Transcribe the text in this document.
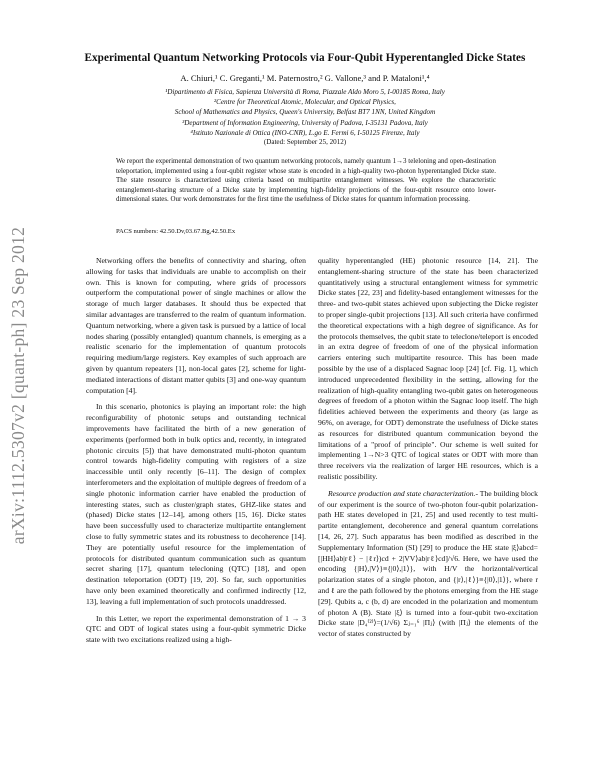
arXiv:1112.5307v2 [quant-ph] 23 Sep 2012
Experimental Quantum Networking Protocols via Four-Qubit Hyperentangled Dicke States
A. Chiuri,¹ C. Greganti,¹ M. Paternostro,² G. Vallone,³ and P. Mataloni¹,⁴
¹Dipartimento di Fisica, Sapienza Università di Roma, Piazzale Aldo Moro 5, I-00185 Roma, Italy
²Centre for Theoretical Atomic, Molecular, and Optical Physics,
School of Mathematics and Physics, Queen's University, Belfast BT7 1NN, United Kingdom
³Department of Information Engineering, University of Padova, I-35131 Padova, Italy
⁴Istituto Nazionale di Ottica (INO-CNR), L.go E. Fermi 6, I-50125 Firenze, Italy
(Dated: September 25, 2012)

We report the experimental demonstration of two quantum networking protocols, namely quantum 1→3 teleloning and open-destination teleportation, implemented using a four-qubit register whose state is encoded in a high-quality two-photon hyperentangled Dicke state. The state resource is characterized using criteria based on multipartite entanglement witnesses. We explore the characteristic entanglement-sharing structure of a Dicke state by implementing high-fidelity projections of the four-qubit resource onto lower-dimensional states. Our work demonstrates for the first time the usefulness of Dicke states for quantum information processing.

PACS numbers: 42.50.Dv,03.67.Bg,42.50.Ex

Networking offers the benefits of connectivity and sharing, often allowing for tasks that individuals are unable to accomplish on their own. This is known for computing, where grids of processors outperform the computational power of single machines or allow the storage of much larger databases. It should thus be expected that similar advantages are transferred to the realm of quantum information. Quantum networking, where a given task is pursued by a lattice of local nodes sharing (possibly entangled) quantum channels, is emerging as a realistic scenario for the implementation of quantum protocols requiring medium/large registers. Key examples of such approach are given by quantum repeaters [1], non-local gates [2], scheme for light-mediated interactions of distant matter qubits [3] and one-way quantum computation [4].

In this scenario, photonics is playing an important role: the high reconfigurability of photonic setups and outstanding technical improvements have facilitated the birth of a new generation of experiments (performed both in bulk optics and, recently, in integrated photonic circuits [5]) that have demonstrated multi-photon quantum control towards high-fidelity computing with registers of a size inaccessible until only recently [6–11]. The design of complex interferometers and the exploitation of multiple degrees of freedom of a single photonic information carrier have enabled the production of interesting states, such as cluster/graph states, GHZ-like states and (phased) Dicke states [12–14], among others [15, 16]. Dicke states have been successfully used to characterize multipartite entanglement close to fully symmetric states and its robustness to decoherence [14]. They are potentially useful resource for the implementation of protocols for distributed quantum communication such as quantum secret sharing [17], quantum telecloning (QTC) [18], and open destination teleportation (ODT) [19, 20]. So far, such opportunities have only been examined theoretically and confirmed indirectly [12, 13], leaving a full implementation of such protocols unaddressed.

In this Letter, we report the experimental demonstration of 1 → 3 QTC and ODT of logical states using a four-qubit symmetric Dicke state with two excitations realized using a high-

quality hyperentangled (HE) photonic resource [14, 21]. The entanglement-sharing structure of the state has been characterized quantitatively using a structural entanglement witness for symmetric Dicke states [22, 23] and fidelity-based entanglement witnesses for the three- and two-qubit states achieved upon subjecting the Dicke register to proper single-qubit projections [13]. All such criteria have confirmed the theoretical expectations with a high degree of significance. As for the protocols themselves, the qubit state to teleclone/teleport is encoded in an extra degree of freedom of one of the physical information carriers entering such multipartite resource. This has been made possible by the use of a displaced Sagnac loop [24] [cf. Fig. 1], which introduced unprecedented flexibility in the setting, allowing for the realization of high-quality entangling two-qubit gates on heterogeneous degrees of freedom of a photon within the Sagnac loop itself. The high fidelities achieved between the experiments and theory (as large as 96%, on average, for ODT) demonstrate the usefulness of Dicke states as resources for distributed quantum communication beyond the limitations of a "proof of principle". Our scheme is well suited for implementing 1→N>3 QTC of logical states or ODT with more than three receivers via the realization of larger HE resources, which is a realistic possibility.

Resource production and state characterization.- The building block of our experiment is the source of two-photon four-qubit polarization-path HE states developed in [21, 25] and used recently to test multi-partite entanglement, decoherence and general quantum correlations [14, 26, 27]. Such apparatus has been modified as described in the Supplementary Information (SI) [29] to produce the HE state |ξ⟩abcd=[|HH⟩ab|rℓ⟩ − |ℓr⟩)cd + 2|VV⟩ab|rℓ⟩cd]/√6. Here, we have used the encoding {|H⟩,|V⟩}≡{|0⟩,|1⟩}, with H/V the horizontal/vertical polarization states of a single photon, and {|r⟩,|ℓ⟩}≡{|0⟩,|1⟩}, where r and ℓ are the path followed by the photons emerging from the HE stage [29]. Qubits a, c (b, d) are encoded in the polarization and momentum of photon A (B). State |ξ⟩ is turned into a four-qubit two-excitation Dicke state |D₄⁽²⁾⟩=(1/√6) Σⱼ₌₁⁶ |Πⱼ⟩ (with |Πⱼ⟩ the elements of the vector of states constructed by
